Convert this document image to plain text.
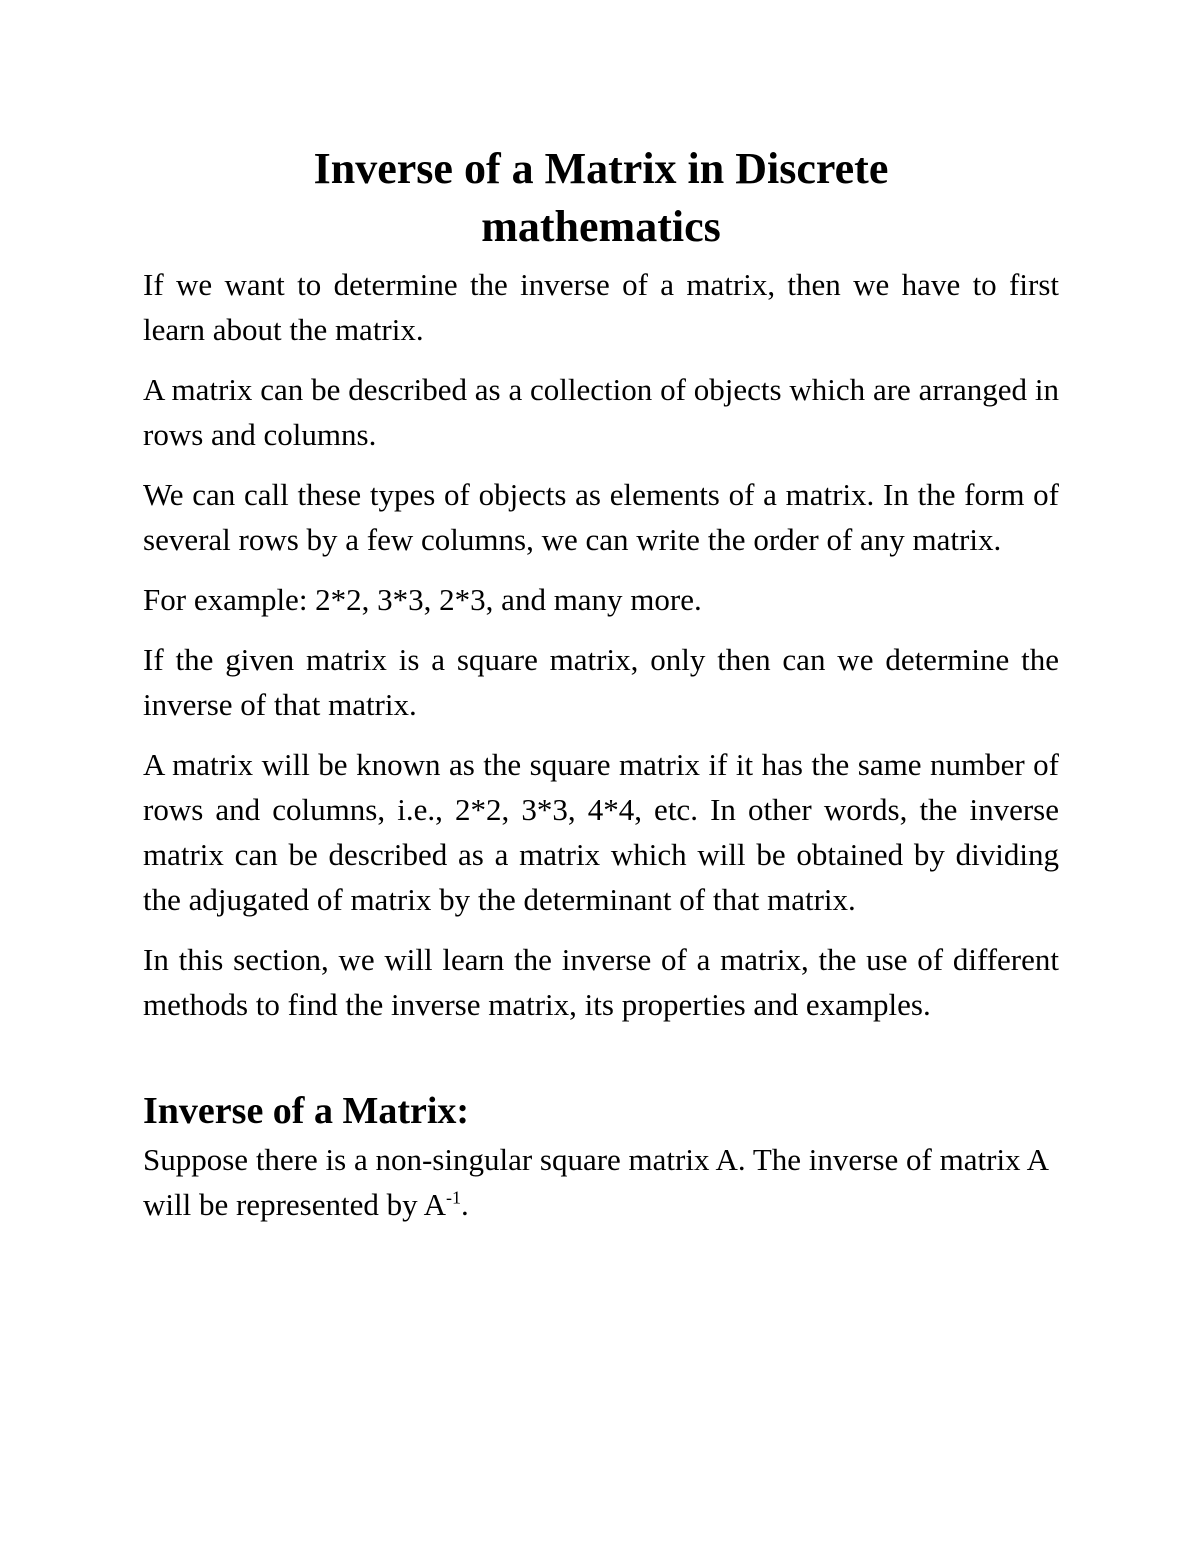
Inverse of a Matrix in Discrete
mathematics

If we want to determine the inverse of a matrix, then we have to first learn about the matrix.

A matrix can be described as a collection of objects which are arranged in rows and columns.

We can call these types of objects as elements of a matrix. In the form of several rows by a few columns, we can write the order of any matrix.

For example: 2*2, 3*3, 2*3, and many more.

If the given matrix is a square matrix, only then can we determine the inverse of that matrix.

A matrix will be known as the square matrix if it has the same number of rows and columns, i.e., 2*2, 3*3, 4*4, etc. In other words, the inverse matrix can be described as a matrix which will be obtained by dividing the adjugated of matrix by the determinant of that matrix.

In this section, we will learn the inverse of a matrix, the use of different methods to find the inverse matrix, its properties and examples.

Inverse of a Matrix:

Suppose there is a non-singular square matrix A. The inverse of matrix A will be represented by $A^{-1}$.
